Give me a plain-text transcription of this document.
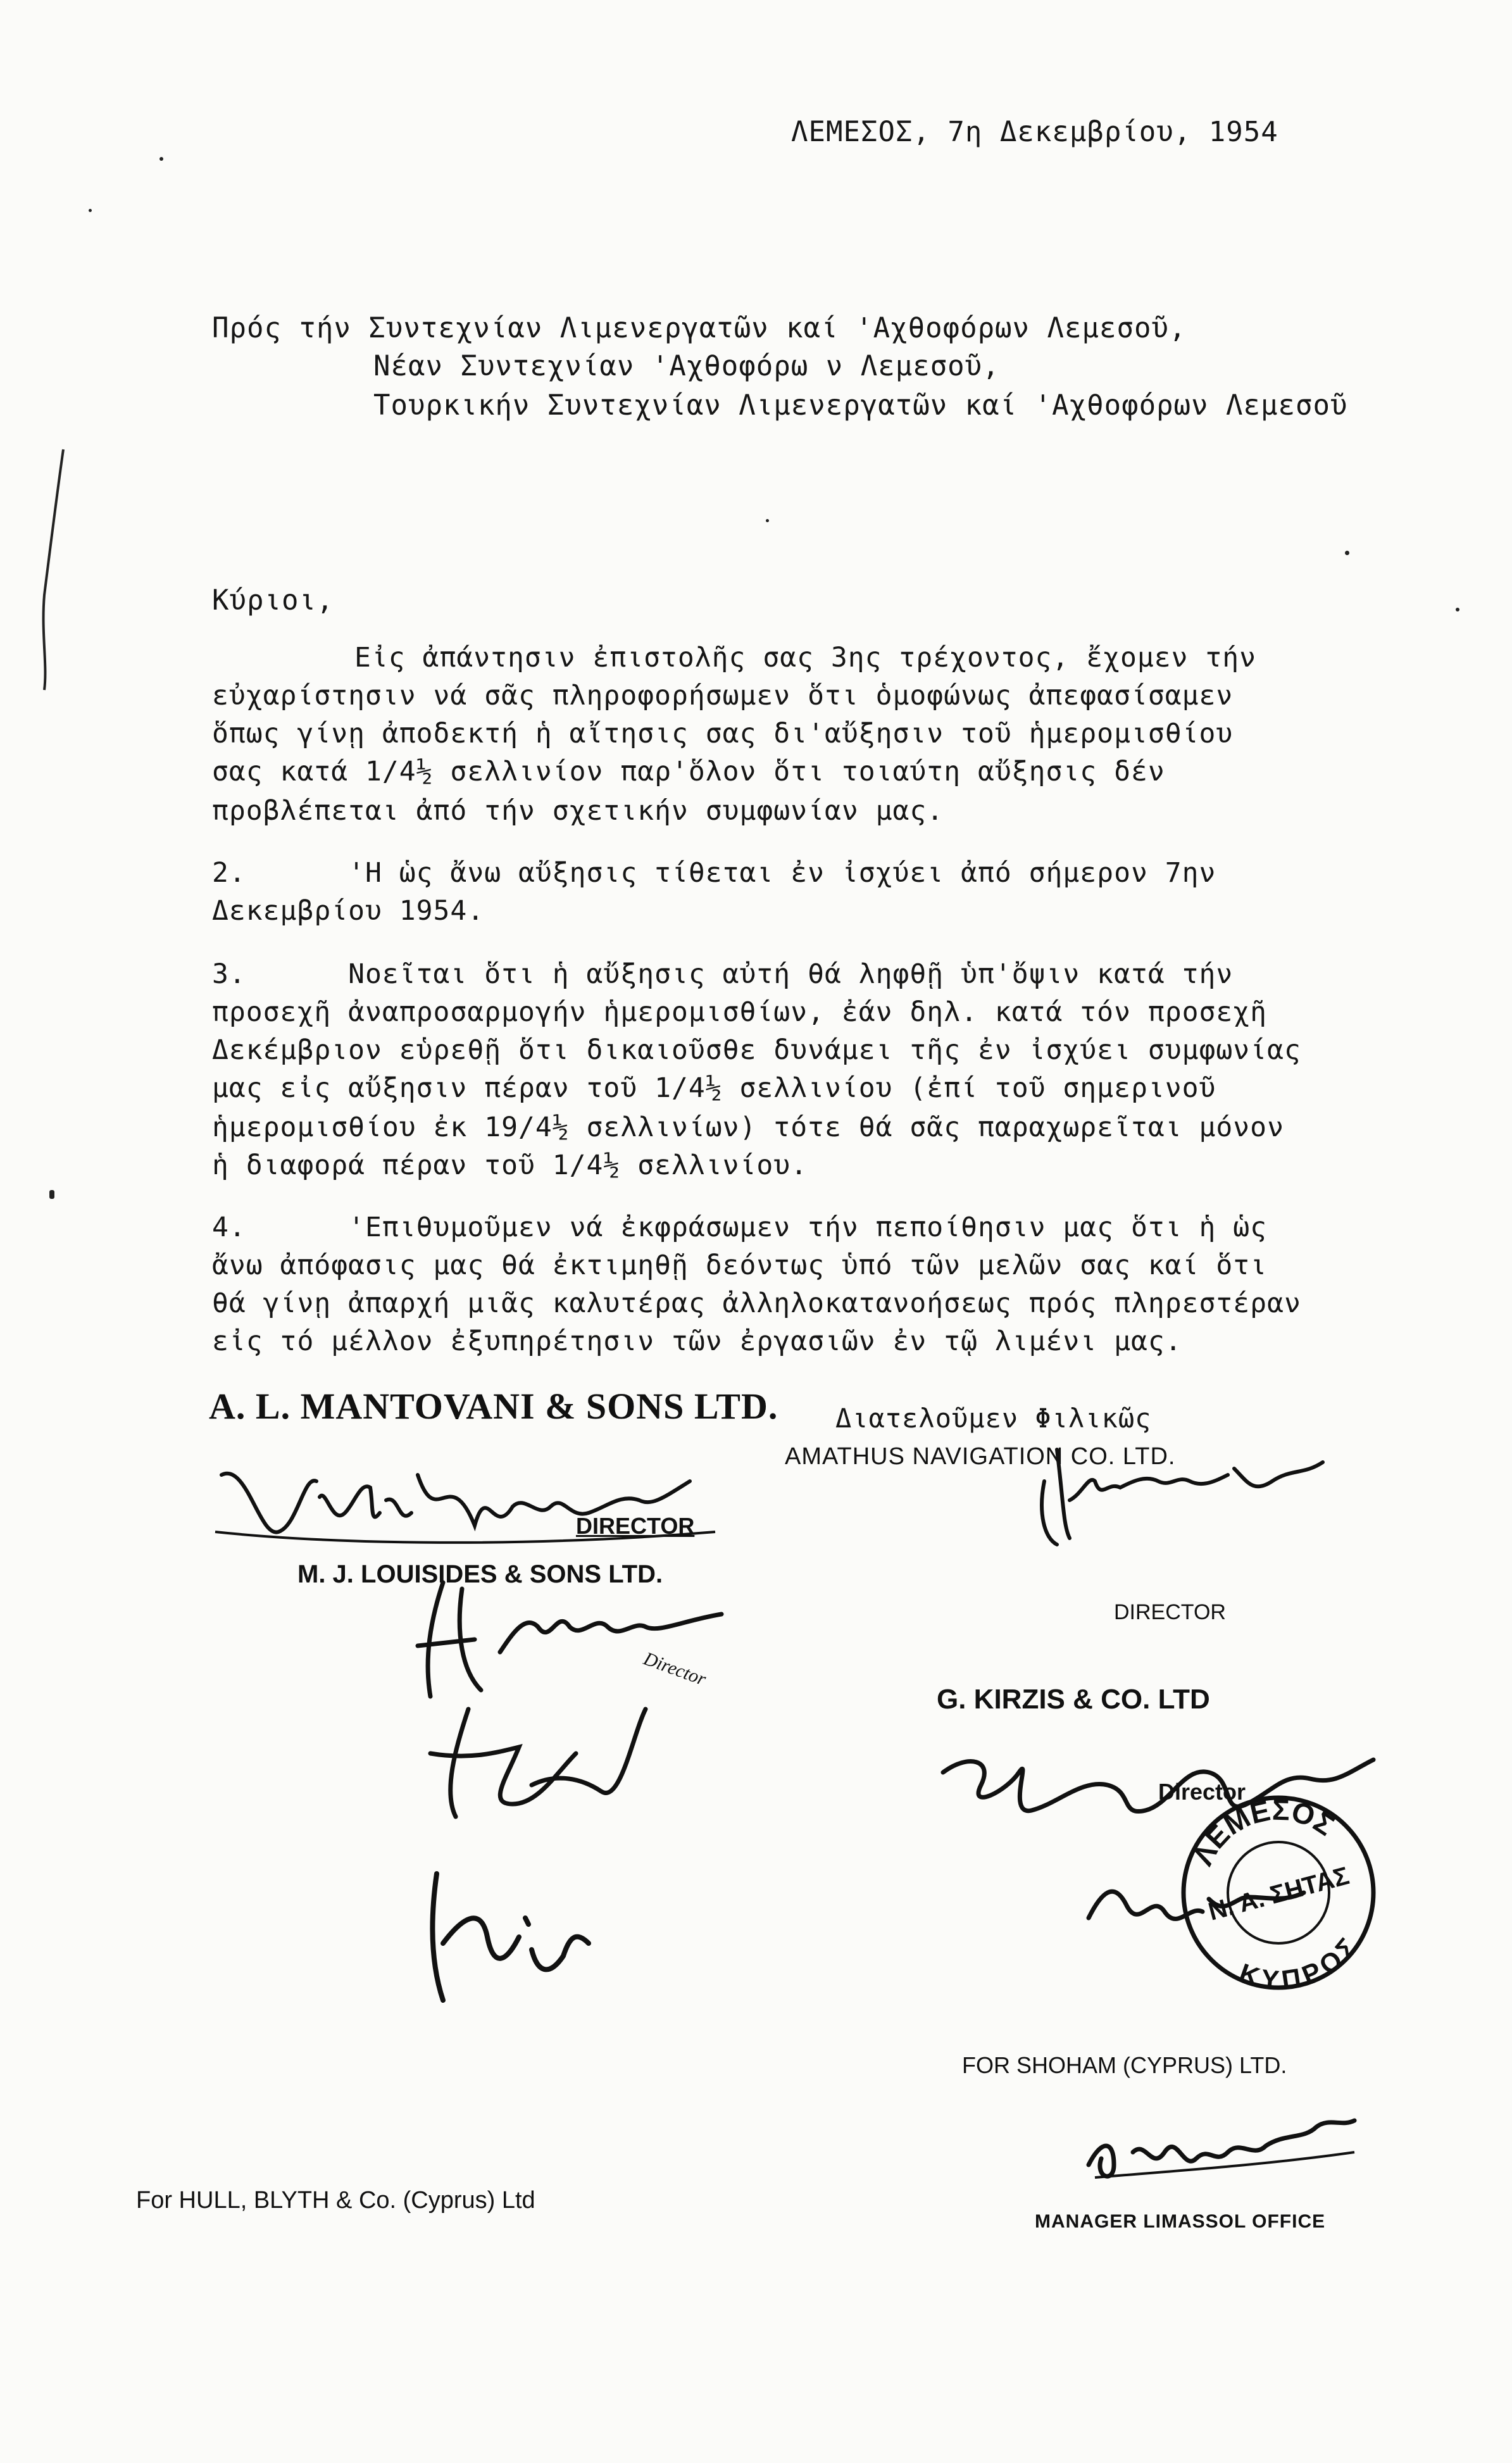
ΛΕΜΕΣΟΣ, 7η Δεκεμβρίου, 1954
Πρός τήν Συντεχνίαν Λιμενεργατῶν καί 'Αχθοφόρων Λεμεσοῦ,
Νέαν Συντεχνίαν 'Αχθοφόρω ν Λεμεσοῦ,
Τουρκικήν Συντεχνίαν Λιμενεργατῶν καί 'Αχθοφόρων Λεμεσοῦ
Κύριοι,
Εἰς ἀπάντησιν ἐπιστολῆς σας 3ης τρέχοντος, ἔχομεν τήν
εὐχαρίστησιν νά σᾶς πληροφορήσωμεν ὅτι ὁμοφώνως ἀπεφασίσαμεν
ὅπως γίνῃ ἀποδεκτή ἡ αἴτησις σας δι'αὔξησιν τοῦ ἡμερομισθίου
σας κατά 1/4½ σελλινίον παρ'ὅλον ὅτι τοιαύτη αὔξησις δέν
προβλέπεται ἀπό τήν σχετικήν συμφωνίαν μας.
2.      'Η ὡς ἄνω αὔξησις τίθεται ἐν ἰσχύει ἀπό σήμερον 7ην
Δεκεμβρίου 1954.
3.      Νοεῖται ὅτι ἡ αὔξησις αὐτή θά ληφθῇ ὑπ'ὄψιν κατά τήν
προσεχῆ ἀναπροσαρμογήν ἡμερομισθίων, ἐάν δηλ. κατά τόν προσεχῆ
Δεκέμβριον εὑρεθῇ ὅτι δικαιοῦσθε δυνάμει τῆς ἐν ἰσχύει συμφωνίας
μας εἰς αὔξησιν πέραν τοῦ 1/4½ σελλινίου (ἐπί τοῦ σημερινοῦ
ἡμερομισθίου ἐκ 19/4½ σελλινίων) τότε θά σᾶς παραχωρεῖται μόνον
ἡ διαφορά πέραν τοῦ 1/4½ σελλινίου.
4.      'Επιθυμοῦμεν νά ἐκφράσωμεν τήν πεποίθησιν μας ὅτι ἡ ὡς
ἄνω ἀπόφασις μας θά ἐκτιμηθῇ δεόντως ὑπό τῶν μελῶν σας καί ὅτι
θά γίνῃ ἀπαρχή μιᾶς καλυτέρας ἀλληλοκατανοήσεως πρός πληρεστέραν
εἰς τό μέλλον ἐξυπηρέτησιν τῶν ἐργασιῶν ἐν τῷ λιμένι μας.
Διατελοῦμεν Φιλικῶς
A. L. MANTOVANI & SONS LTD.
DIRECTOR
M. J. LOUISIDES & SONS LTD.
Director
AMATHUS NAVIGATION CO. LTD.
DIRECTOR
G. KIRZIS & CO. LTD
Director
ΛΕΜΕΣΟΣ
ΚΥΠΡΟΣ
Ν. Α. ΣΗΤΑΣ
FOR SHOHAM (CYPRUS) LTD.
MANAGER LIMASSOL OFFICE
For HULL, BLYTH & Co. (Cyprus) Ltd
